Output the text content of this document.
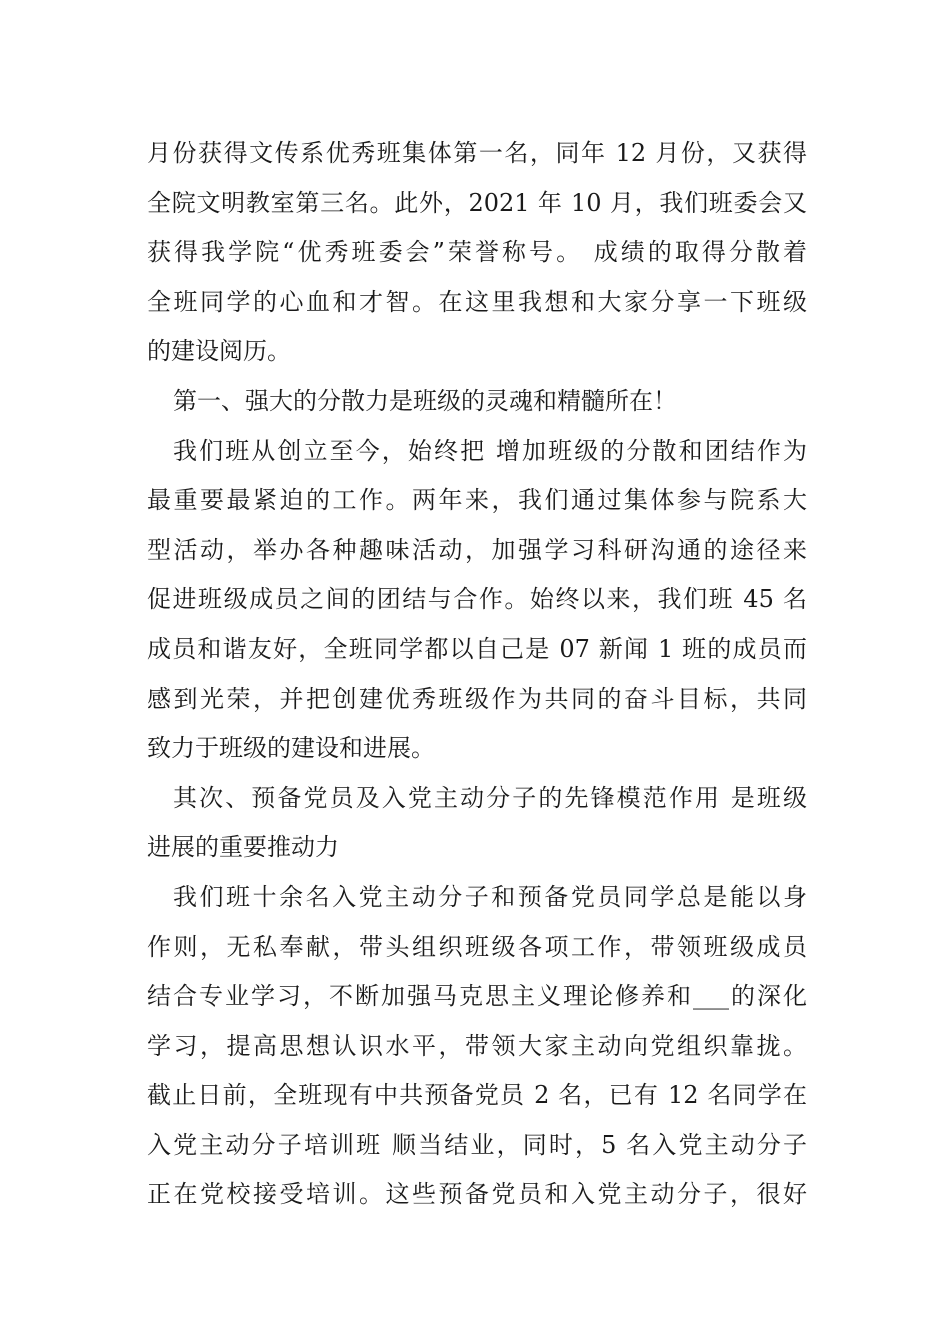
月份获得文传系优秀班集体第一名，同年 12 月份，又获得
全院文明教室第三名。此外，2021 年 10 月，我们班委会又
获得我学院“优秀班委会”荣誉称号。 成绩的取得分散着
全班同学的心血和才智。在这里我想和大家分享一下班级
的建设阅历。
第一、强大的分散力是班级的灵魂和精髓所在！
我们班从创立至今，始终把 增加班级的分散和团结作为
最重要最紧迫的工作。两年来，我们通过集体参与院系大
型活动，举办各种趣味活动，加强学习科研沟通的途径来
促进班级成员之间的团结与合作。始终以来，我们班 45 名
成员和谐友好，全班同学都以自己是 07 新闻 1 班的成员而
感到光荣，并把创建优秀班级作为共同的奋斗目标，共同
致力于班级的建设和进展。
其次、预备党员及入党主动分子的先锋模范作用 是班级
进展的重要推动力
我们班十余名入党主动分子和预备党员同学总是能以身
作则，无私奉献，带头组织班级各项工作，带领班级成员
结合专业学习，不断加强马克思主义理论修养和___的深化
学习，提高思想认识水平，带领大家主动向党组织靠拢。
截止日前，全班现有中共预备党员 2 名，已有 12 名同学在
入党主动分子培训班 顺当结业，同时，5 名入党主动分子
正在党校接受培训。这些预备党员和入党主动分子，很好
